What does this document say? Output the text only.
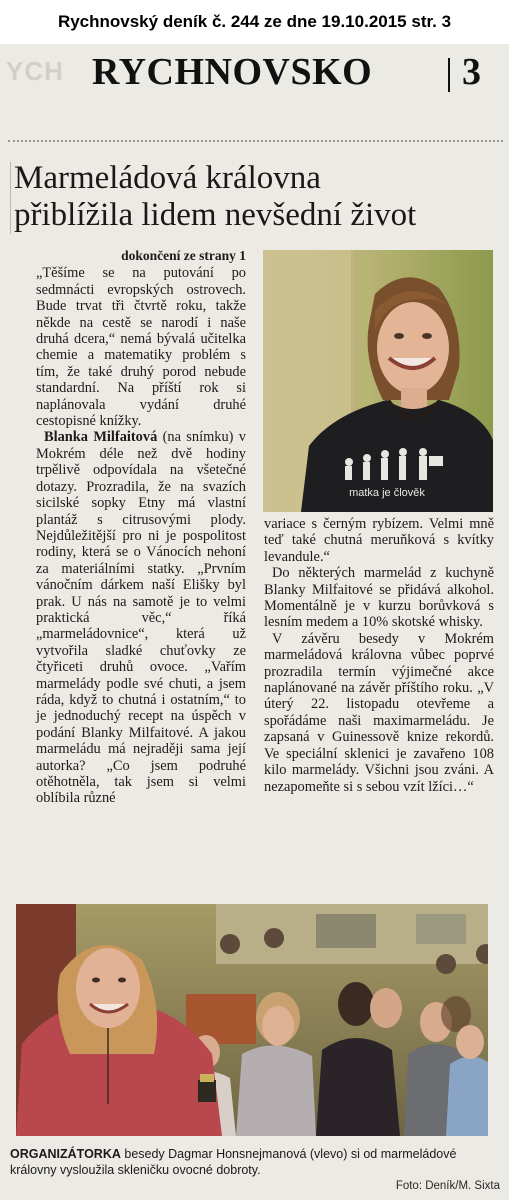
Rychnovský deník č. 244 ze dne 19.10.2015 str. 3
YCH RYCHNOVSKO 3
Marmeládová královna
přiblížila lidem nevšední život
dokončení ze strany 1

„Těšíme se na putování po sedmnácti evropských ostrovech. Bude trvat tři čtvrtě roku, takže někde na cestě se narodí i naše druhá dcera,“ nemá bývalá učitelka chemie a matematiky problém s tím, že také druhý porod nebude standardní. Na příští rok si naplánovala vydání druhé cestopisné knížky.

Blanka Milfaitová (na snímku) v Mokrém déle než dvě hodiny trpělivě odpovídala na všetečné dotazy. Prozradila, že na svazích sicilské sopky Etny má vlastní plantáž s citrusovými plody. Nejdůležitější pro ni je pospolitost rodiny, která se o Vánocích nehoní za materiálními statky. „Prvním vánočním dárkem naší Elišky byl prak. U nás na samotě je to velmi praktická věc,“ říká „marmeládovnice“, která už vytvořila sladké chuťovky ze čtyřiceti druhů ovoce. „Vařím marmelády podle své chuti, a jsem ráda, když to chutná i ostatním,“ to je jednoduchý recept na úspěch v podání Blanky Milfaitové. A jakou marmeládu má nejraději sama její autorka? „Co jsem podruhé otěhotněla, tak jsem si velmi oblíbila různé

matka je člověk

variace s černým rybízem. Velmi mně teď také chutná meruňková s kvítky levandule.“

Do některých marmelád z kuchyně Blanky Milfaitové se přidává alkohol. Momentálně je v kurzu borůvková s lesním medem a 10% skotské whisky.

V závěru besedy v Mokrém marmeládová královna vůbec poprvé prozradila termín výjimečné akce naplánované na závěr příštího roku. „V úterý 22. listopadu otevřeme a spořádáme naši maximarmeládu. Je zapsaná v Guinessově knize rekordů. Ve speciální sklenici je zavařeno 108 kilo marmelády. Všichni jsou zváni. A nezapomeňte si s sebou vzít lžíci…“

ORGANIZÁTORKA besedy Dagmar Honsnejmanová (vlevo) si od marmeládové královny vysloužila skleničku ovocné dobroty.
Foto: Deník/M. Sixta
